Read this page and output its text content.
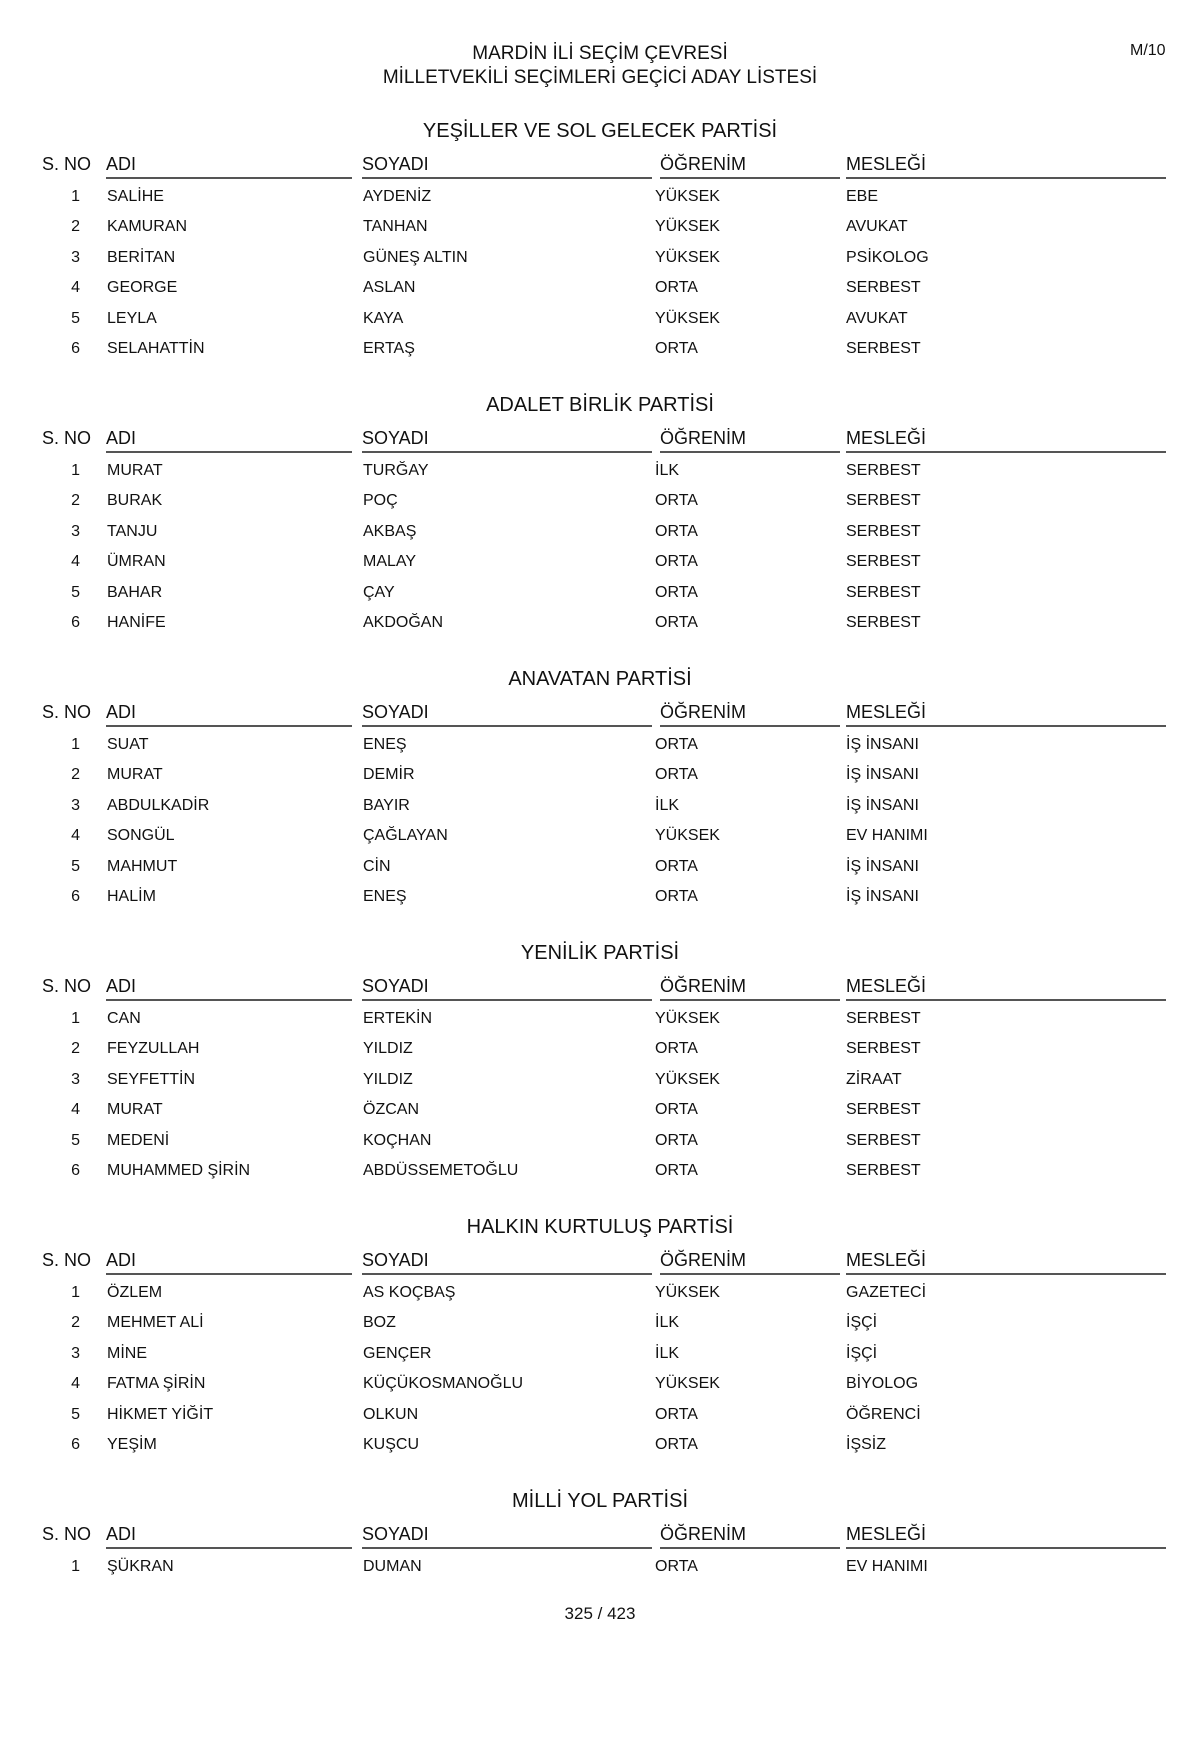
M/10
MARDİN İLİ SEÇİM ÇEVRESİ
MİLLETVEKİLİ SEÇİMLERİ GEÇİCİ ADAY LİSTESİ
YEŞİLLER VE SOL GELECEK PARTİSİ
S. NO ADI	SOYADI	ÖĞRENİM	MESLEĞİ
1 SALİHE	AYDENİZ	YÜKSEK	EBE
2 KAMURAN	TANHAN	YÜKSEK	AVUKAT
3 BERİTAN	GÜNEŞ ALTIN	YÜKSEK	PSİKOLOG
4 GEORGE	ASLAN	ORTA	SERBEST
5 LEYLA	KAYA	YÜKSEK	AVUKAT
6 SELAHATTİN	ERTAŞ	ORTA	SERBEST
ADALET BİRLİK PARTİSİ
S. NO ADI	SOYADI	ÖĞRENİM	MESLEĞİ
1 MURAT	TURĞAY	İLK	SERBEST
2 BURAK	POÇ	ORTA	SERBEST
3 TANJU	AKBAŞ	ORTA	SERBEST
4 ÜMRAN	MALAY	ORTA	SERBEST
5 BAHAR	ÇAY	ORTA	SERBEST
6 HANİFE	AKDOĞAN	ORTA	SERBEST
ANAVATAN PARTİSİ
S. NO ADI	SOYADI	ÖĞRENİM	MESLEĞİ
1 SUAT	ENEŞ	ORTA	İŞ İNSANI
2 MURAT	DEMİR	ORTA	İŞ İNSANI
3 ABDULKADİR	BAYIR	İLK	İŞ İNSANI
4 SONGÜL	ÇAĞLAYAN	YÜKSEK	EV HANIMI
5 MAHMUT	CİN	ORTA	İŞ İNSANI
6 HALİM	ENEŞ	ORTA	İŞ İNSANI
YENİLİK PARTİSİ
S. NO ADI	SOYADI	ÖĞRENİM	MESLEĞİ
1 CAN	ERTEKİN	YÜKSEK	SERBEST
2 FEYZULLAH	YILDIZ	ORTA	SERBEST
3 SEYFETTİN	YILDIZ	YÜKSEK	ZİRAAT
4 MURAT	ÖZCAN	ORTA	SERBEST
5 MEDENİ	KOÇHAN	ORTA	SERBEST
6 MUHAMMED ŞİRİN	ABDÜSSEMETOĞLU	ORTA	SERBEST
HALKIN KURTULUŞ PARTİSİ
S. NO ADI	SOYADI	ÖĞRENİM	MESLEĞİ
1 ÖZLEM	AS KOÇBAŞ	YÜKSEK	GAZETECİ
2 MEHMET ALİ	BOZ	İLK	İŞÇİ
3 MİNE	GENÇER	İLK	İŞÇİ
4 FATMA ŞİRİN	KÜÇÜKOSMANOĞLU	YÜKSEK	BİYOLOG
5 HİKMET YİĞİT	OLKUN	ORTA	ÖĞRENCİ
6 YEŞİM	KUŞCU	ORTA	İŞSİZ
MİLLİ YOL PARTİSİ
S. NO ADI	SOYADI	ÖĞRENİM	MESLEĞİ
1 ŞÜKRAN	DUMAN	ORTA	EV HANIMI
325 / 423
